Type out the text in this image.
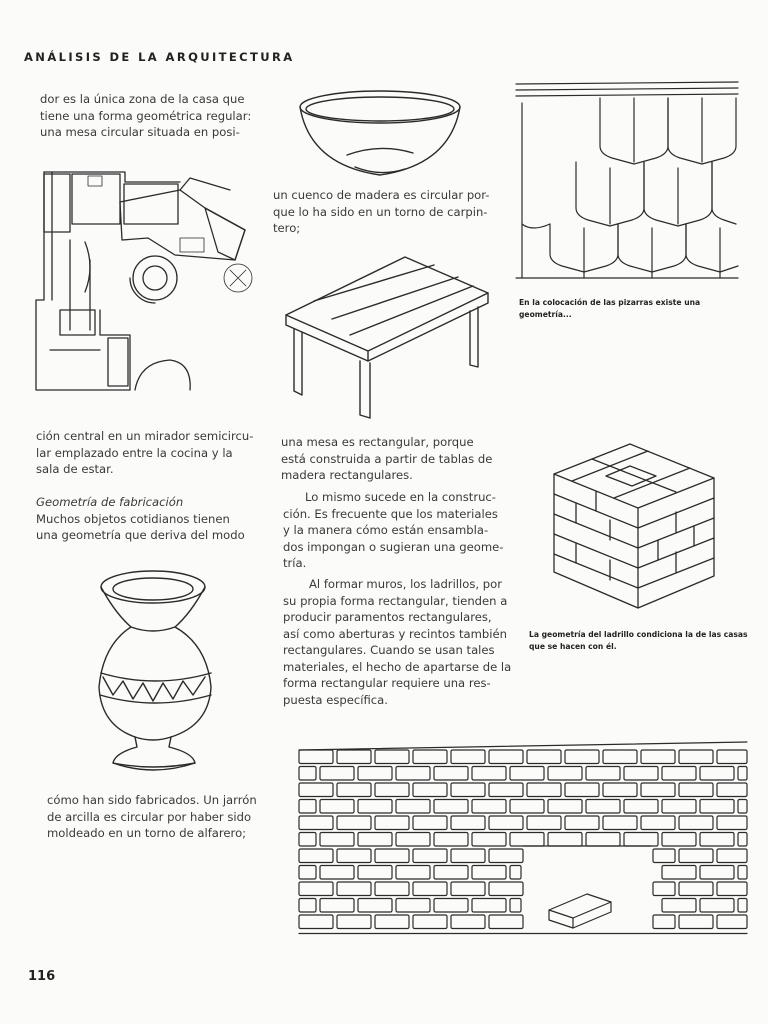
ANÁLISIS DE LA ARQUITECTURA

dor es la única zona de la casa que
tiene una forma geométrica regular:
una mesa circular situada en posi-

ción central en un mirador semicircu-
lar emplazado entre la cocina y la
sala de estar.

Geometría de fabricación
Muchos objetos cotidianos tienen
una geometría que deriva del modo

cómo han sido fabricados. Un jarrón
de arcilla es circular por haber sido
moldeado en un torno de alfarero;

un cuenco de madera es circular por-
que lo ha sido en un torno de carpin-
tero;

una mesa es rectangular, porque
está construida a partir de tablas de
madera rectangulares.

Lo mismo sucede en la construc-
ción. Es frecuente que los materiales
y la manera cómo están ensambla-
dos impongan o sugieran una geome-
tría.

Al formar muros, los ladrillos, por
su propia forma rectangular, tienden a
producir paramentos rectangulares,
así como aberturas y recintos también
rectangulares. Cuando se usan tales
materiales, el hecho de apartarse de la
forma rectangular requiere una res-
puesta específica.

En la colocación de las pizarras existe una
geometría...
La geometría del ladrillo condiciona la de las casas
que se hacen con él.
116
